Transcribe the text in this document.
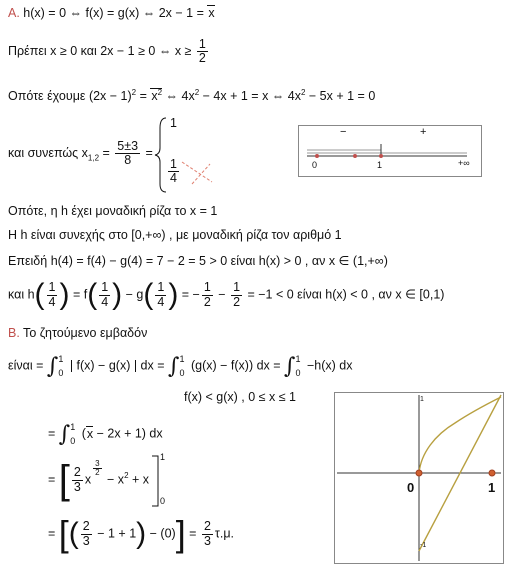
Α. h(x) = 0 ⇔ f(x) = g(x) ⇔ 2x − 1 = x
Πρέπει x ≥ 0 και 2x − 1 ≥ 0 ⇔ $x \ge \frac{1}{2}$
Οπότε έχουμε $(2x - 1)^2 = x^2$ ⇔ $4x^2 - 4x + 1 = x$ ⇔ $4x^2 - 5x + 1 = 0$
και συνεπώς $x_{1,2} = \frac{5\pm 3}{8}$ =
1
$\frac{1}{4}$
−	+
0	1	+∞
Οπότε, η h έχει μοναδική ρίζα το x = 1
Η h είναι συνεχής στο [0,+∞) , με μοναδική ρίζα τον αριθμό 1
Επειδή h(4) = f(4) − g(4) = 7 − 2 = 5 > 0 είναι h(x) > 0 , αν x ∈ (1,+∞)
και $h( \frac{1}{4}$ ) = $f( \frac{1}{4}$ ) − $g( \frac{1}{4}$ ) = − $\frac{1}{2} - \frac{1}{2} = -1 < 0$ είναι h(x) < 0 , αν x ∈ [0,1)
Β. Το ζητούμενο εμβαδόν
είναι = ∫ 1
0
| f(x) − g(x) | dx = ∫ 1
0
(g(x) − f(x)) dx = ∫ 1
0
−h(x) dx
f(x) < g(x) , 0 ≤ x ≤ 1
= ∫ 1
0
(x − 2x + 1) dx
= [ $\frac{2}{3}$ x
$\frac{3}{2}$
− $x^2 + x$
1
0
= [( $\frac{2}{3} - 1 + 1) - (0)] = \frac{2}{3} \tau.\mu$.
0	1
1
-1
